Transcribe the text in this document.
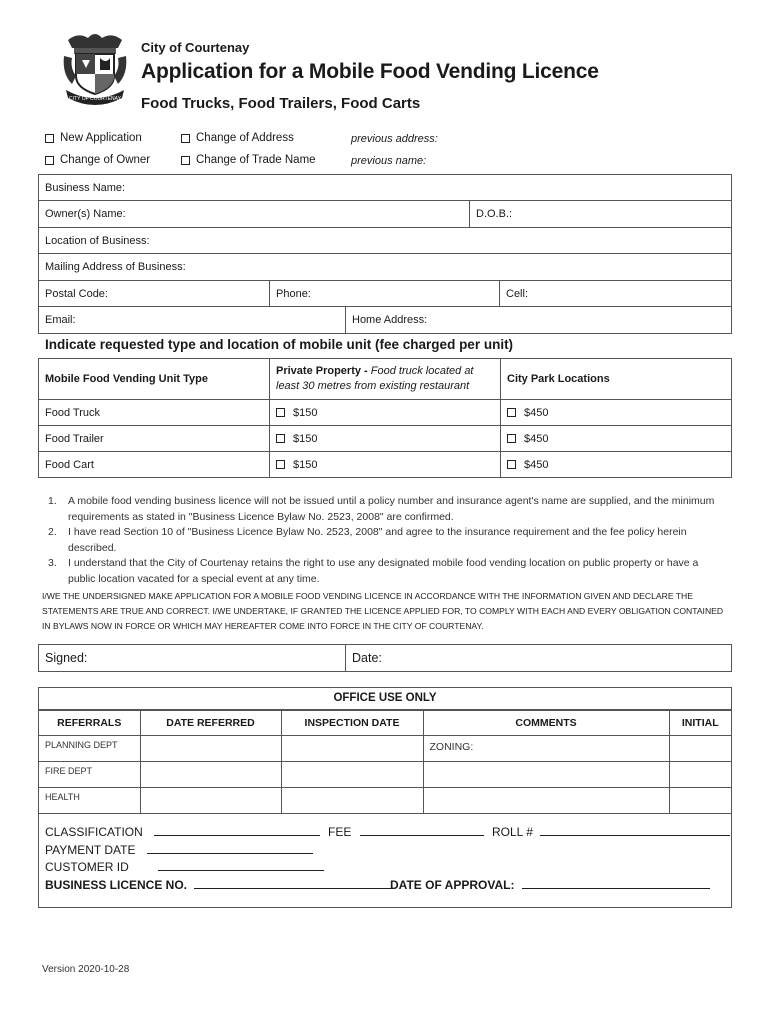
CITY OF COURTENAY
City of Courtenay
Application for a Mobile Food Vending Licence
Food Trucks, Food Trailers, Food Carts
New Application	Change of Address	previous address:
Change of Owner	Change of Trade Name	previous name:
Business Name:
Owner(s) Name:	D.O.B.:
Location of Business:
Mailing Address of Business:
Postal Code:	Phone:	Cell:
Email:	Home Address:
Indicate requested type and location of mobile unit (fee charged per unit)
Mobile Food Vending Unit Type	Private Property - Food truck located at least 30 metres from existing restaurant	City Park Locations
Food Truck	$150	$450

Food Trailer	$150	$450

Food Cart	$150	$450
1.	A mobile food vending business licence will not be issued until a policy number and insurance agent's name are supplied, and the minimum requirements as stated in "Business Licence Bylaw No. 2523, 2008" are confirmed.
2.	I have read Section 10 of "Business Licence Bylaw No. 2523, 2008" and agree to the insurance requirement and the fee policy herein described.
3.	I understand that the City of Courtenay retains the right to use any designated mobile food vending location on public property or have a public location vacated for a special event at any time.
I/WE THE UNDERSIGNED MAKE APPLICATION FOR A MOBILE FOOD VENDING LICENCE IN ACCORDANCE WITH THE INFORMATION GIVEN AND DECLARE THE STATEMENTS ARE TRUE AND CORRECT. I/WE UNDERTAKE, IF GRANTED THE LICENCE APPLIED FOR, TO COMPLY WITH EACH AND EVERY OBLIGATION CONTAINED IN BYLAWS NOW IN FORCE OR WHICH MAY HEREAFTER COME INTO FORCE IN THE CITY OF COURTENAY.
Signed:	Date:
OFFICE USE ONLY
REFERRALS	DATE REFERRED	INSPECTION DATE	COMMENTS	INITIAL
PLANNING DEPT			ZONING:	
FIRE DEPT				
HEALTH				
CLASSIFICATION	FEE	ROLL #
PAYMENT DATE
CUSTOMER ID
BUSINESS LICENCE NO.	DATE OF APPROVAL:
Version 2020-10-28
